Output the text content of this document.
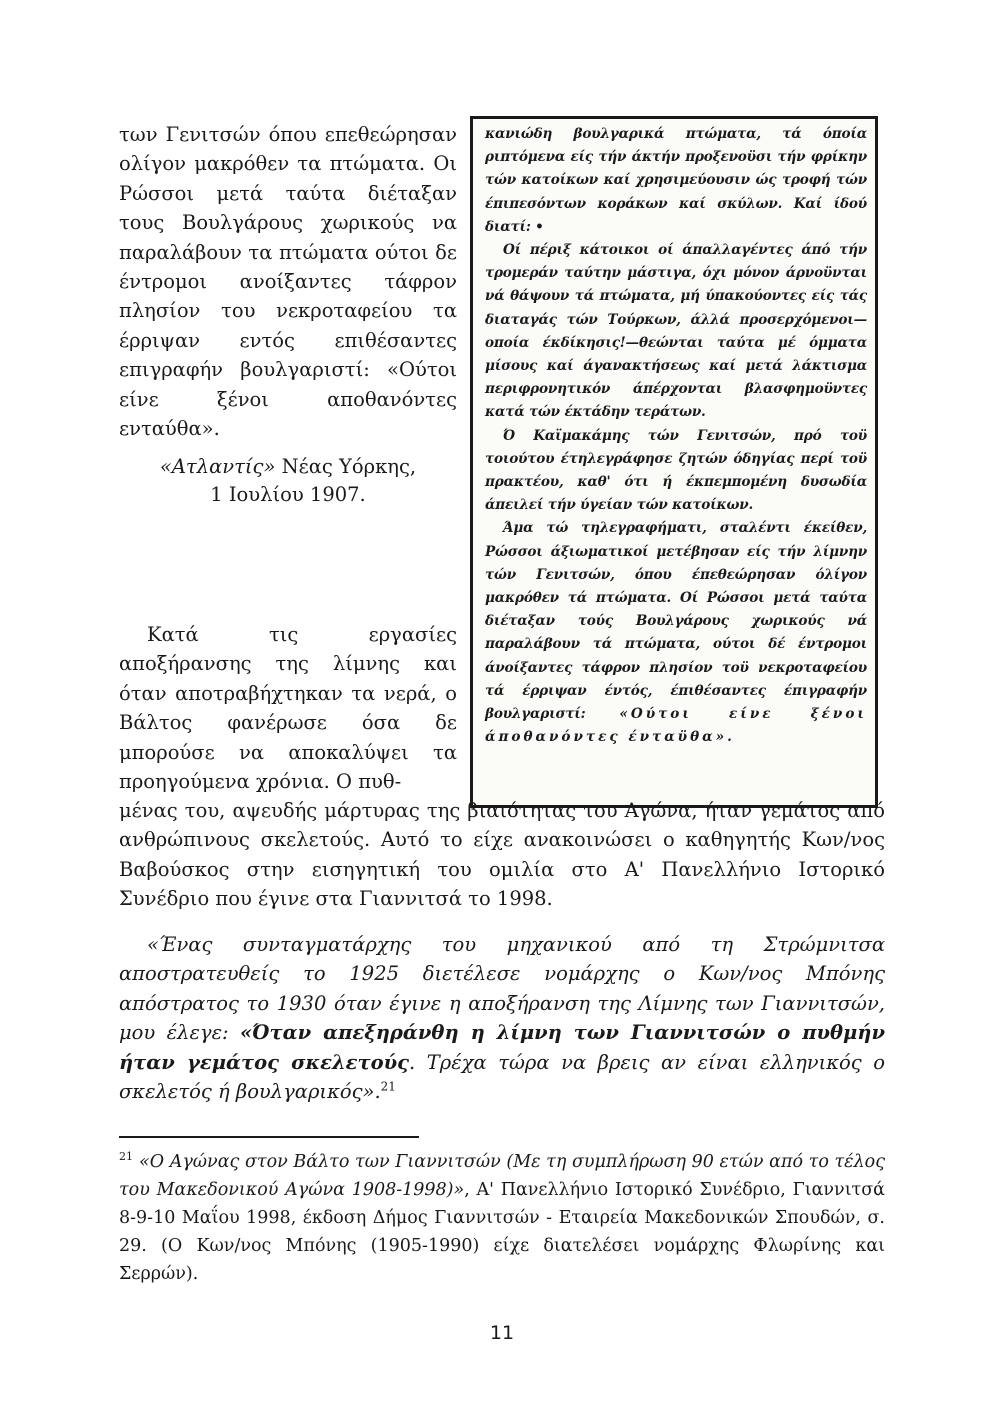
των Γενιτσών όπου επεθεώρησαν ολίγον μακρόθεν τα πτώματα. Οι Ρώσσοι μετά ταύτα διέταξαν τους Βουλγάρους χωρικούς να παραλάβουν τα πτώματα ούτοι δε έντρομοι ανοίξαντες τάφρον πλησίον του νεκροταφείου τα έρριψαν εντός επιθέσαντες επιγραφήν βουλγαριστί: «Ούτοι είνε ξένοι αποθανόντες ενταύθα».

«Ατλαντίς» Νέας Υόρκης,
1 Ιουλίου 1907.

Κατά τις εργασίες αποξήρανσης της λίμνης και όταν αποτραβήχτηκαν τα νερά, ο Βάλτος φανέρωσε όσα δε μπορούσε να αποκαλύψει τα προηγούμενα χρόνια. Ο πυθ-

κανιώδη βουλγαρικά πτώματα, τά όποία ριπτόμενα είς τήν άκτήν προξενοϋσι τήν φρίκην τών κατοίκων καί χρησιμεύουσιν ώς τροφή τών έπιπεσόντων κοράκων καί σκύλων. Καί ίδού διατί: •

Οί πέριξ κάτοικοι οί άπαλλαγέντες άπό τήν τρομεράν ταύτην μάστιγα, όχι μόνον άρνοϋνται νά θάψουν τά πτώματα, μή ύπακούοντες είς τάς διαταγάς τών Τούρκων, άλλά προσερχόμενοι—οποία έκδίκησις!—θεώνται ταύτα μέ όμματα μίσους καί άγανακτήσεως καί μετά λάκτισμα περιφρονητικόν άπέρχονται βλασφημοϋντες κατά τών έκτάδην τεράτων.

Ό Καϊμακάμης τών Γενιτσών, πρό τοϋ τοιούτου έτηλεγράφησε ζητών όδηγίας περί τοϋ πρακτέου, καθ' ότι ή έκπεμπομένη δυσωδία άπειλεί τήν ύγείαν τών κατοίκων.

Άμα τώ τηλεγραφήματι, σταλέντι έκείθεν, Ρώσσοι άξιωματικοί μετέβησαν είς τήν λίμνην τών Γενιτσών, όπου έπεθεώρησαν όλίγον μακρόθεν τά πτώματα. Οί Ρώσσοι μετά ταύτα διέταξαν τούς Βουλγάρους χωρικούς νά παραλάβουν τά πτώματα, ούτοι δέ έντρομοι άνοίξαντες τάφρον πλησίον τοϋ νεκροταφείου τά έρριψαν έντός, έπιθέσαντες έπιγραφήν βουλγαριστί: «Ούτοι είνε ξένοι άποθανόντες ένταϋθα».

μένας του, αψευδής μάρτυρας της βιαιότητας του Αγώνα, ήταν γεμάτος από ανθρώπινους σκελετούς. Αυτό το είχε ανακοινώσει ο καθηγητής Κων/νος Βαβούσκος στην εισηγητική του ομιλία στο Α' Πανελλήνιο Ιστορικό Συνέδριο που έγινε στα Γιαννιτσά το 1998.

«Ένας συνταγματάρχης του μηχανικού από τη Στρώμνιτσα αποστρατευθείς το 1925 διετέλεσε νομάρχης ο Κων/νος Μπόνης απόστρατος το 1930 όταν έγινε η αποξήρανση της Λίμνης των Γιαννιτσών, μου έλεγε: «Όταν απεξηράνθη η λίμνη των Γιαννιτσών ο πυθμήν ήταν γεμάτος σκελετούς. Τρέχα τώρα να βρεις αν είναι ελληνικός ο σκελετός ή βουλγαρικός».$^{21}$

$^{21}$ «Ο Αγώνας στον Βάλτο των Γιαννιτσών (Με τη συμπλήρωση 90 ετών από το τέλος του Μακεδονικού Αγώνα 1908-1998)», Α' Πανελλήνιο Ιστορικό Συνέδριο, Γιαννιτσά 8-9-10 Μαΐου 1998, έκδοση Δήμος Γιαννιτσών - Εταιρεία Μακεδονικών Σπουδών, σ. 29. (Ο Κων/νος Μπόνης (1905-1990) είχε διατελέσει νομάρχης Φλωρίνης και Σερρών).

11
